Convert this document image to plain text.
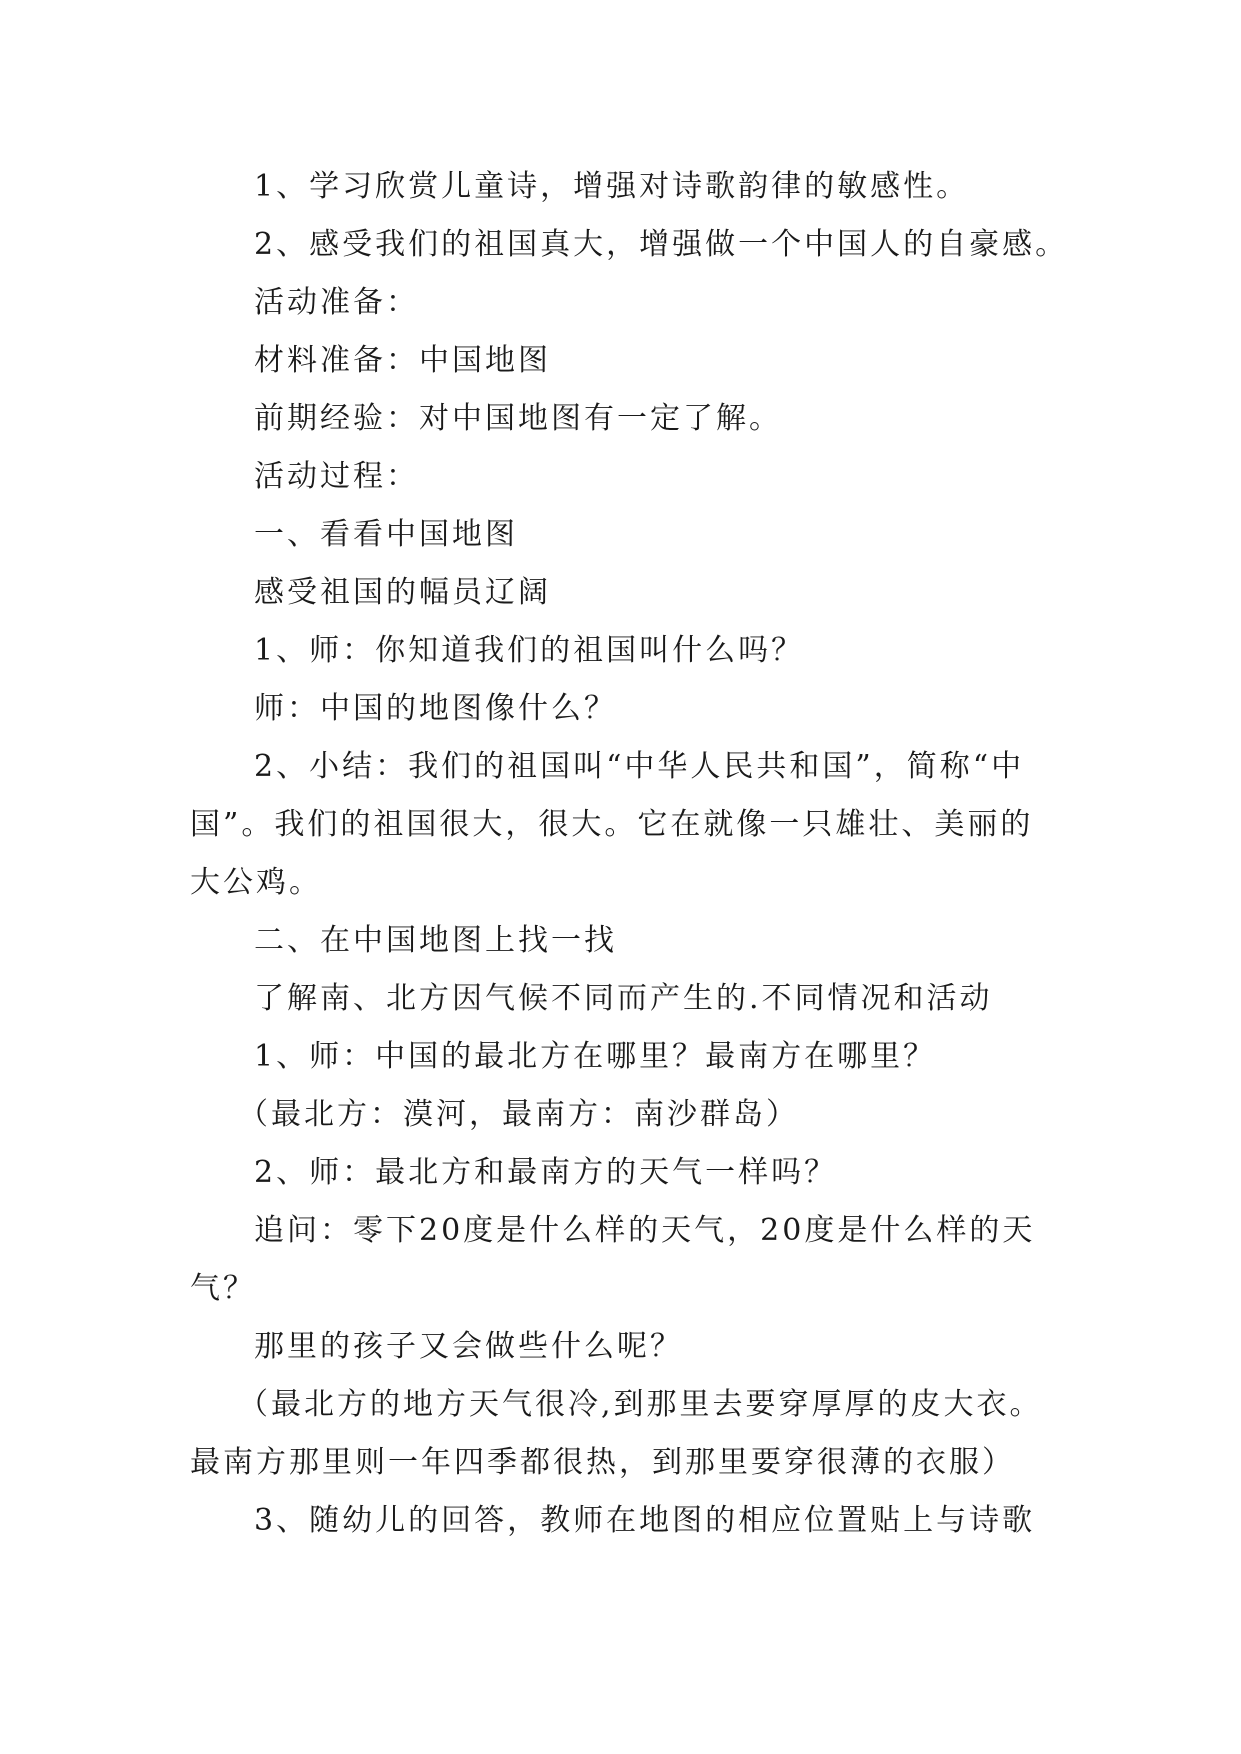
1、学习欣赏儿童诗，增强对诗歌韵律的敏感性。

2、感受我们的祖国真大，增强做一个中国人的自豪感。

活动准备：

材料准备：中国地图

前期经验：对中国地图有一定了解。

活动过程：

一、看看中国地图

感受祖国的幅员辽阔

1、师：你知道我们的祖国叫什么吗？

师：中国的地图像什么？

2、小结：我们的祖国叫“中华人民共和国”，简称“中

国”。我们的祖国很大，很大。它在就像一只雄壮、美丽的

大公鸡。

二、在中国地图上找一找

了解南、北方因气候不同而产生的.不同情况和活动

1、师：中国的最北方在哪里？最南方在哪里？

（最北方：漠河，最南方：南沙群岛）

2、师：最北方和最南方的天气一样吗？

追问：零下20度是什么样的天气，20度是什么样的天

气？

那里的孩子又会做些什么呢？

（最北方的地方天气很冷,到那里去要穿厚厚的皮大衣。

最南方那里则一年四季都很热，到那里要穿很薄的衣服）

3、随幼儿的回答，教师在地图的相应位置贴上与诗歌
